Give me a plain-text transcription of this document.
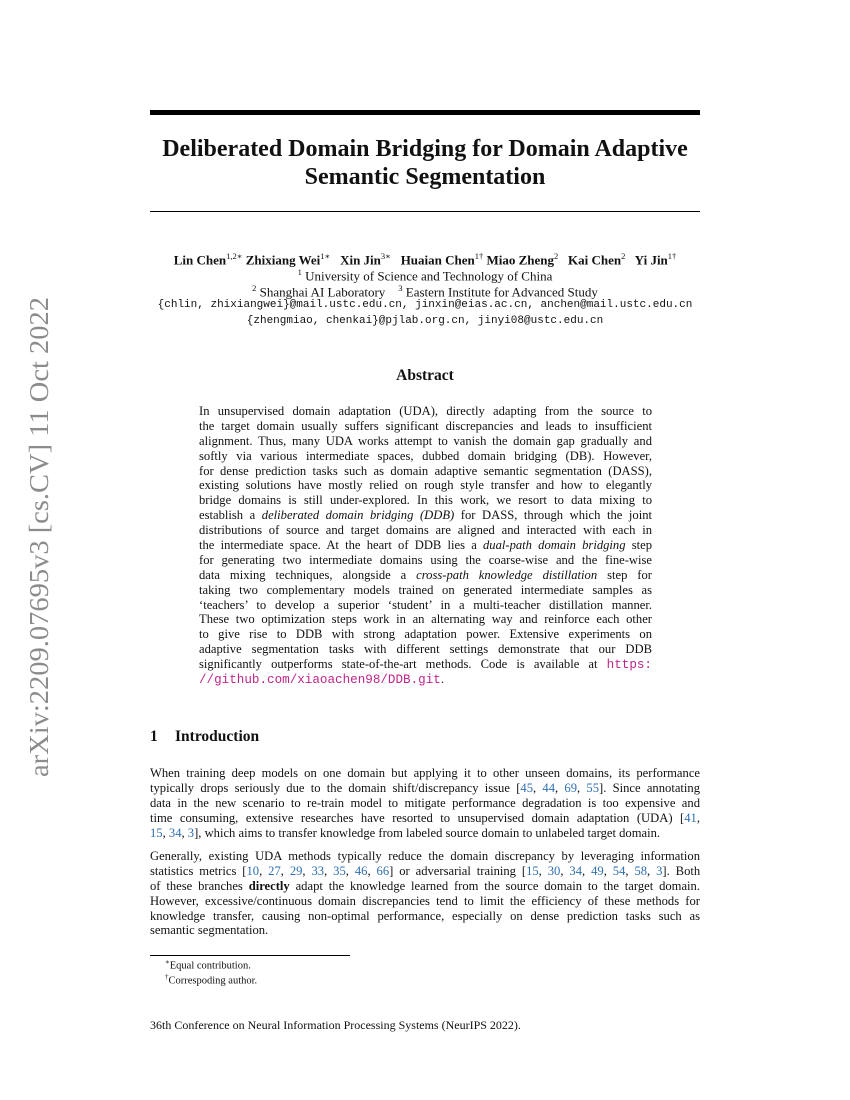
arXiv:2209.07695v3 [cs.CV] 11 Oct 2022
Deliberated Domain Bridging for Domain Adaptive
Semantic Segmentation
Lin Chen$^{1,2∗}$ Zhixiang Wei$^{1∗}$ Xin Jin$^{3∗}$ Huaian Chen$^{1\dagger}$ Miao Zheng$^2$ Kai Chen$^2$ Yi Jin$^{1\dagger}$
$^1$ University of Science and Technology of China
$^2$ Shanghai AI Laboratory $^3$ Eastern Institute for Advanced Study
{chlin, zhixiangwei}@mail.ustc.edu.cn, jinxin@eias.ac.cn, anchen@mail.ustc.edu.cn
{zhengmiao, chenkai}@pjlab.org.cn, jinyi08@ustc.edu.cn
Abstract
In unsupervised domain adaptation (UDA), directly adapting from the source to
the target domain usually suffers significant discrepancies and leads to insufficient
alignment. Thus, many UDA works attempt to vanish the domain gap gradually and
softly via various intermediate spaces, dubbed domain bridging (DB). However,
for dense prediction tasks such as domain adaptive semantic segmentation (DASS),
existing solutions have mostly relied on rough style transfer and how to elegantly
bridge domains is still under-explored. In this work, we resort to data mixing to
establish a deliberated domain bridging (DDB) for DASS, through which the joint
distributions of source and target domains are aligned and interacted with each in
the intermediate space. At the heart of DDB lies a dual-path domain bridging step
for generating two intermediate domains using the coarse-wise and the fine-wise
data mixing techniques, alongside a cross-path knowledge distillation step for
taking two complementary models trained on generated intermediate samples as
‘teachers’ to develop a superior ‘student’ in a multi-teacher distillation manner.
These two optimization steps work in an alternating way and reinforce each other
to give rise to DDB with strong adaptation power. Extensive experiments on
adaptive segmentation tasks with different settings demonstrate that our DDB
significantly outperforms state-of-the-art methods. Code is available at https:
//github.com/xiaoachen98/DDB.git.
1 Introduction
When training deep models on one domain but applying it to other unseen domains, its performance
typically drops seriously due to the domain shift/discrepancy issue [45, 44, 69, 55]. Since annotating
data in the new scenario to re-train model to mitigate performance degradation is too expensive and
time consuming, extensive researches have resorted to unsupervised domain adaptation (UDA) [41,
15, 34, 3], which aims to transfer knowledge from labeled source domain to unlabeled target domain.
Generally, existing UDA methods typically reduce the domain discrepancy by leveraging information
statistics metrics [10, 27, 29, 33, 35, 46, 66] or adversarial training [15, 30, 34, 49, 54, 58, 3]. Both
of these branches directly adapt the knowledge learned from the source domain to the target domain.
However, excessive/continuous domain discrepancies tend to limit the efficiency of these methods for
knowledge transfer, causing non-optimal performance, especially on dense prediction tasks such as
semantic segmentation.
∗Equal contribution.
†Correspoding author.
36th Conference on Neural Information Processing Systems (NeurIPS 2022).
